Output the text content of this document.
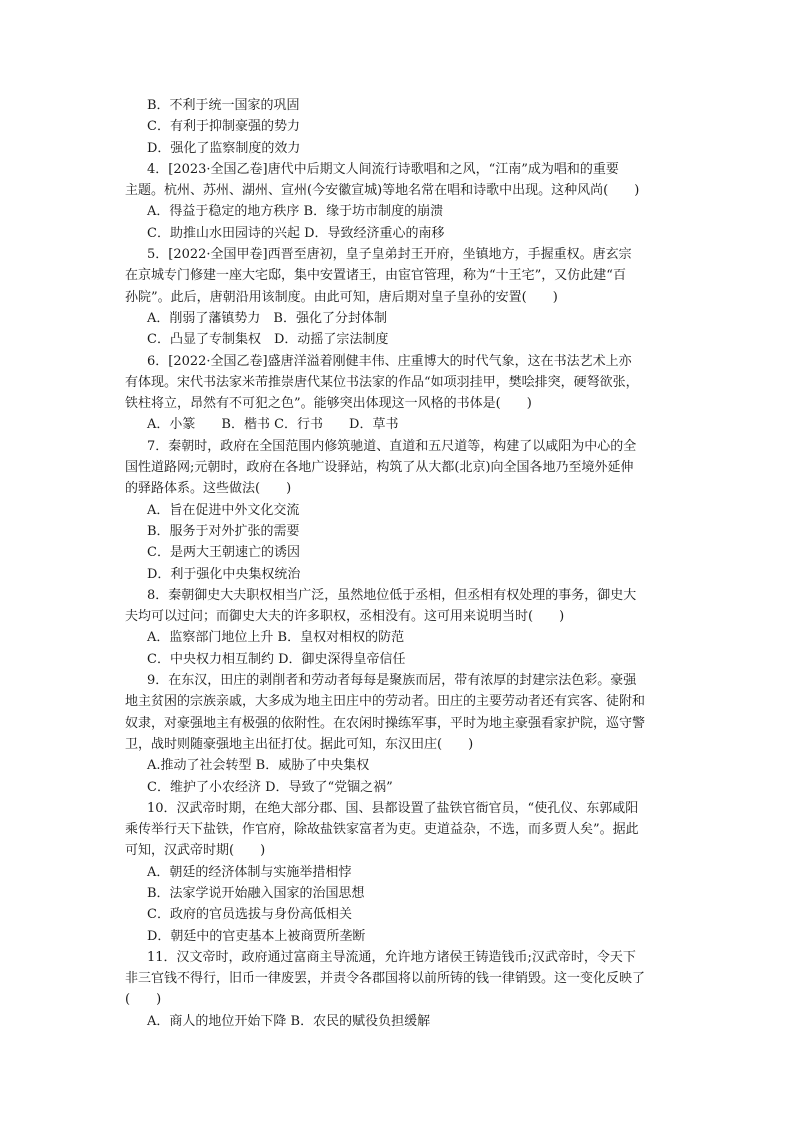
B．不利于统一国家的巩固
C．有利于抑制豪强的势力
D．强化了监察制度的效力
4．[2023·全国乙卷]唐代中后期文人间流行诗歌唱和之风，“江南”成为唱和的重要
主题。杭州、苏州、湖州、宣州(今安徽宣城)等地名常在唱和诗歌中出现。这种风尚(　　)
A．得益于稳定的地方秩序 B．缘于坊市制度的崩溃
C．助推山水田园诗的兴起 D．导致经济重心的南移
5．[2022·全国甲卷]西晋至唐初，皇子皇弟封王开府，坐镇地方，手握重权。唐玄宗
在京城专门修建一座大宅邸，集中安置诸王，由宦官管理，称为“十王宅”，又仿此建“百
孙院”。此后，唐朝沿用该制度。由此可知，唐后期对皇子皇孙的安置(　　)
A．削弱了藩镇势力　B．强化了分封体制
C．凸显了专制集权　D．动摇了宗法制度
6．[2022·全国乙卷]盛唐洋溢着刚健丰伟、庄重博大的时代气象，这在书法艺术上亦
有体现。宋代书法家米芾推崇唐代某位书法家的作品“如项羽挂甲，樊哙排突，硬弩欲张，
铁柱将立，昂然有不可犯之色”。能够突出体现这一风格的书体是(　　)
A．小篆　　B．楷书 C．行书　　D．草书
7．秦朝时，政府在全国范围内修筑驰道、直道和五尺道等，构建了以咸阳为中心的全
国性道路网;元朝时，政府在各地广设驿站，构筑了从大都(北京)向全国各地乃至境外延伸
的驿路体系。这些做法(　　)
A．旨在促进中外文化交流
B．服务于对外扩张的需要
C．是两大王朝速亡的诱因
D．利于强化中央集权统治
8．秦朝御史大夫职权相当广泛，虽然地位低于丞相，但丞相有权处理的事务，御史大
夫均可以过问；而御史大夫的许多职权，丞相没有。这可用来说明当时(　　)
A．监察部门地位上升 B．皇权对相权的防范
C．中央权力相互制约 D．御史深得皇帝信任
9．在东汉，田庄的剥削者和劳动者每每是聚族而居，带有浓厚的封建宗法色彩。豪强
地主贫困的宗族亲戚，大多成为地主田庄中的劳动者。田庄的主要劳动者还有宾客、徒附和
奴隶，对豪强地主有极强的依附性。在农闲时操练军事，平时为地主豪强看家护院，巡守警
卫，战时则随豪强地主出征打仗。据此可知，东汉田庄(　　)
A.推动了社会转型 B．威胁了中央集权
C．维护了小农经济 D．导致了“党锢之祸”
10．汉武帝时期，在绝大部分郡、国、县都设置了盐铁官衙官员，“使孔仪、东郭咸阳
乘传举行天下盐铁，作官府，除故盐铁家富者为吏。吏道益杂，不选，而多贾人矣”。据此
可知，汉武帝时期(　　)
A．朝廷的经济体制与实施举措相悖
B．法家学说开始融入国家的治国思想
C．政府的官员选拔与身份高低相关
D．朝廷中的官吏基本上被商贾所垄断
11．汉文帝时，政府通过富商主导流通，允许地方诸侯王铸造钱币;汉武帝时，令天下
非三官钱不得行，旧币一律废罢，并责令各郡国将以前所铸的钱一律销毁。这一变化反映了
(　　)
A．商人的地位开始下降 B．农民的赋役负担缓解
